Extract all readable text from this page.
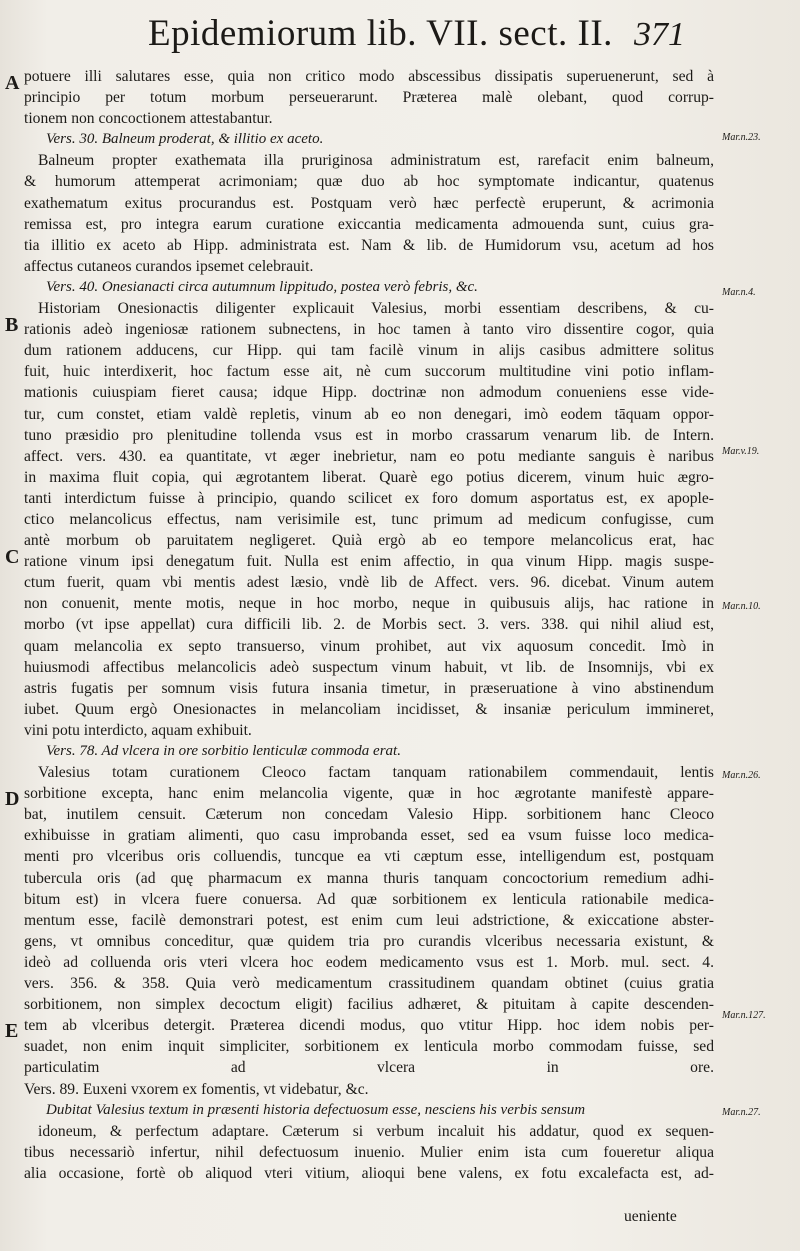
Epidemiorum lib. VII. sect. II. 371
A
B
C
D
E
Mar.n.23.
Mar.n.4.
Mar.v.19.
Mar.n.10.
Mar.n.26.
Mar.n.127.
Mar.n.27.
potuere illi salutares esse, quia non critico modo abscessibus dissipatis superuenerunt, sed à
principio per totum morbum perseuerarunt. Præterea malè olebant, quod corrup-
tionem non concoctionem attestabantur.
Vers. 30. Balneum proderat, & illitio ex aceto.
Balneum propter exathemata illa pruriginosa administratum est, rarefacit enim balneum,
& humorum attemperat acrimoniam; quæ duo ab hoc symptomate indicantur, quatenus
exathematum exitus procurandus est. Postquam verò hæc perfectè eruperunt, & acrimonia
remissa est, pro integra earum curatione exiccantia medicamenta admouenda sunt, cuius gra-
tia illitio ex aceto ab Hipp. administrata est. Nam & lib. de Humidorum vsu, acetum ad hos
affectus cutaneos curandos ipsemet celebrauit.
Vers. 40. Onesianacti circa autumnum lippitudo, postea verò febris, &c.
Historiam Onesionactis diligenter explicauit Valesius, morbi essentiam describens, & cu-
rationis adeò ingeniosæ rationem subnectens, in hoc tamen à tanto viro dissentire cogor, quia
dum rationem adducens, cur Hipp. qui tam facilè vinum in alijs casibus admittere solitus
fuit, huic interdixerit, hoc factum esse ait, nè cum succorum multitudine vini potio inflam-
mationis cuiuspiam fieret causa; idque Hipp. doctrinæ non admodum conueniens esse vide-
tur, cum constet, etiam valdè repletis, vinum ab eo non denegari, imò eodem tāquam oppor-
tuno præsidio pro plenitudine tollenda vsus est in morbo crassarum venarum lib. de Intern.
affect. vers. 430. ea quantitate, vt æger inebrietur, nam eo potu mediante sanguis è naribus
in maxima fluit copia, qui ægrotantem liberat. Quarè ego potius dicerem, vinum huic ægro-
tanti interdictum fuisse à principio, quando scilicet ex foro domum asportatus est, ex apople-
ctico melancolicus effectus, nam verisimile est, tunc primum ad medicum confugisse, cum
antè morbum ob paruitatem negligeret. Quià ergò ab eo tempore melancolicus erat, hac
ratione vinum ipsi denegatum fuit. Nulla est enim affectio, in qua vinum Hipp. magis suspe-
ctum fuerit, quam vbi mentis adest læsio, vndè lib de Affect. vers. 96. dicebat. Vinum autem
non conuenit, mente motis, neque in hoc morbo, neque in quibusuis alijs, hac ratione in
morbo (vt ipse appellat) cura difficili lib. 2. de Morbis sect. 3. vers. 338. qui nihil aliud est,
quam melancolia ex septo transuerso, vinum prohibet, aut vix aquosum concedit. Imò in
huiusmodi affectibus melancolicis adeò suspectum vinum habuit, vt lib. de Insomnijs, vbi ex
astris fugatis per somnum visis futura insania timetur, in præseruatione à vino abstinendum
iubet. Quum ergò Onesionactes in melancoliam incidisset, & insaniæ periculum immineret,
vini potu interdicto, aquam exhibuit.
Vers. 78. Ad vlcera in ore sorbitio lenticulæ commoda erat.
Valesius totam curationem Cleoco factam tanquam rationabilem commendauit, lentis
sorbitione excepta, hanc enim melancolia vigente, quæ in hoc ægrotante manifestè appare-
bat, inutilem censuit. Cæterum non concedam Valesio Hipp. sorbitionem hanc Cleoco
exhibuisse in gratiam alimenti, quo casu improbanda esset, sed ea vsum fuisse loco medica-
menti pro vlceribus oris colluendis, tuncque ea vti cæptum esse, intelligendum est, postquam
tubercula oris (ad quę pharmacum ex manna thuris tanquam concoctorium remedium adhi-
bitum est) in vlcera fuere conuersa. Ad quæ sorbitionem ex lenticula rationabile medica-
mentum esse, facilè demonstrari potest, est enim cum leui adstrictione, & exiccatione abster-
gens, vt omnibus conceditur, quæ quidem tria pro curandis vlceribus necessaria existunt, &
ideò ad colluenda oris vteri vlcera hoc eodem medicamento vsus est 1. Morb. mul. sect. 4.
vers. 356. & 358. Quia verò medicamentum crassitudinem quandam obtinet (cuius gratia
sorbitionem, non simplex decoctum eligit) facilius adhæret, & pituitam à capite descenden-
tem ab vlceribus detergit. Præterea dicendi modus, quo vtitur Hipp. hoc idem nobis per-
suadet, non enim inquit simpliciter, sorbitionem ex lenticula morbo commodam fuisse, sed
particulatim ad vlcera in ore.
Vers. 89. Euxeni vxorem ex fomentis, vt videbatur, &c.
Dubitat Valesius textum in præsenti historia defectuosum esse, nesciens his verbis sensum
idoneum, & perfectum adaptare. Cæterum si verbum incaluit his addatur, quod ex sequen-
tibus necessariò infertur, nihil defectuosum inuenio. Mulier enim ista cum foueretur aliqua
alia occasione, fortè ob aliquod vteri vitium, alioqui bene valens, ex fotu excalefacta est, ad-
ueniente
